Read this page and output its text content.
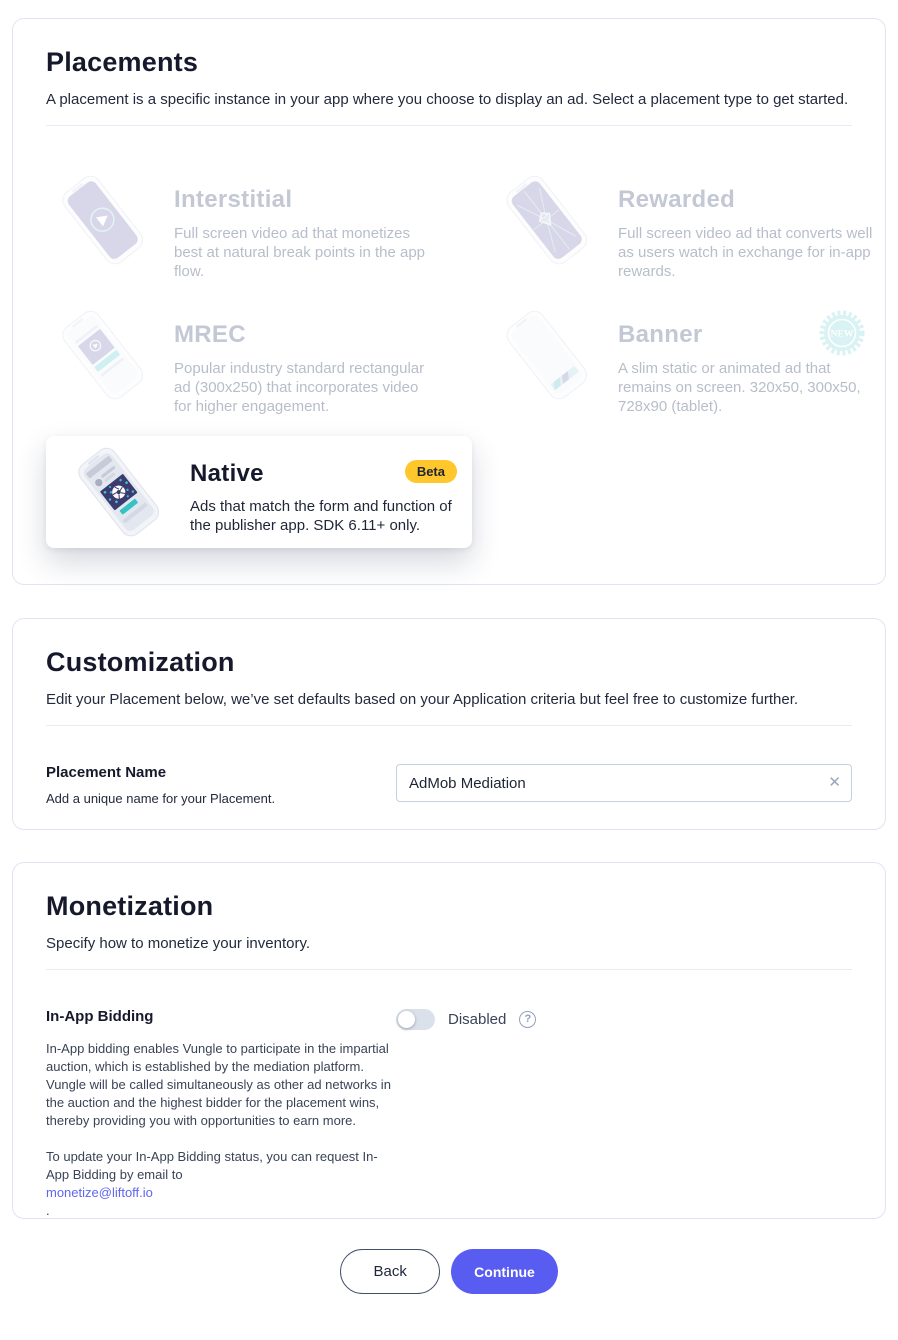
Placements
A placement is a specific instance in your app where you choose to display an ad. Select a placement type to get started.
Interstitial
Full screen video ad that monetizes best at natural break points in the app flow.
Rewarded
Full screen video ad that converts well as users watch in exchange for in-app rewards.
MREC
Popular industry standard rectangular ad (300x250) that incorporates video for higher engagement.
Banner
A slim static or animated ad that remains on screen. 320x50, 300x50, 728x90 (tablet).
NEW
Native
Ads that match the form and function of the publisher app. SDK 6.11+ only.
Beta
Customization
Edit your Placement below, we’ve set defaults based on your Application criteria but feel free to customize further.
Placement Name
Add a unique name for your Placement.
AdMob Mediation
✕
Monetization
Specify how to monetize your inventory.
In-App Bidding
In-App bidding enables Vungle to participate in the impartial auction, which is established by the mediation platform. Vungle will be called simultaneously as other ad networks in the auction and the highest bidder for the placement wins, thereby providing you with opportunities to earn more.
To update your In-App Bidding status, you can request In-
App Bidding by email to
monetize@liftoff.io
.
Disabled	?
Back	Continue
